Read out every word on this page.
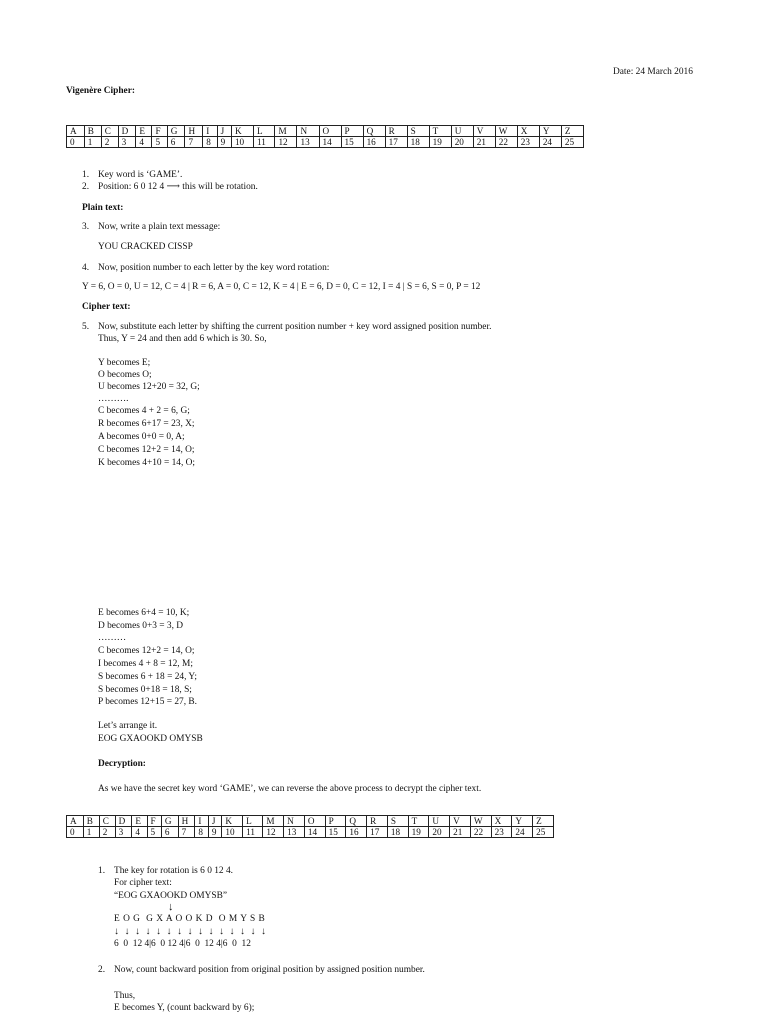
Date: 24 March 2016
Vigenère Cipher:
A	B	C	D	E	F	G	H	I	J	K	L	M	N	O	P	Q	R	S	T	U	V	W	X	Y	Z
0	1	2	3	4	5	6	7	8	9	10	11	12	13	14	15	16	17	18	19	20	21	22	23	24	25
1. Key word is ‘GAME’.
2. Position: 6 0 12 4 ⟶ this will be rotation.
Plain text:
3. Now, write a plain text message:
YOU CRACKED CISSP
4. Now, position number to each letter by the key word rotation:
Y = 6, O = 0, U = 12, C = 4 | R = 6, A = 0, C = 12, K = 4 | E = 6, D = 0, C = 12, I = 4 | S = 6, S = 0, P = 12
Cipher text:
5. Now, substitute each letter by shifting the current position number + key word assigned position number.
Thus, Y = 24 and then add 6 which is 30. So,
Y becomes E;
O becomes O;
U becomes 12+20 = 32, G;
……….
C becomes 4 + 2 = 6, G;
R becomes 6+17 = 23, X;
A becomes 0+0 = 0, A;
C becomes 12+2 = 14, O;
K becomes 4+10 = 14, O;
E becomes 6+4 = 10, K;
D becomes 0+3 = 3, D
………
C becomes 12+2 = 14, O;
I becomes 4 + 8 = 12, M;
S becomes 6 + 18 = 24, Y;
S becomes 0+18 = 18, S;
P becomes 12+15 = 27, B.
Let’s arrange it.
EOG GXAOOKD OMYSB
Decryption:
As we have the secret key word ‘GAME’, we can reverse the above process to decrypt the cipher text.
A	B	C	D	E	F	G	H	I	J	K	L	M	N	O	P	Q	R	S	T	U	V	W	X	Y	Z
0	1	2	3	4	5	6	7	8	9	10	11	12	13	14	15	16	17	18	19	20	21	22	23	24	25
1. The key for rotation is 6 0 12 4.
For cipher text:
“EOG GXAOOKD OMYSB”
↓
E O G  G X A O O K D  O M Y S B
↓ ↓ ↓ ↓ ↓ ↓ ↓ ↓ ↓ ↓ ↓ ↓ ↓ ↓ ↓
6  0  12 4|6  0 12 4|6  0  12 4|6  0  12
2. Now, count backward position from original position by assigned position number.
Thus,
E becomes Y, (count backward by 6);
